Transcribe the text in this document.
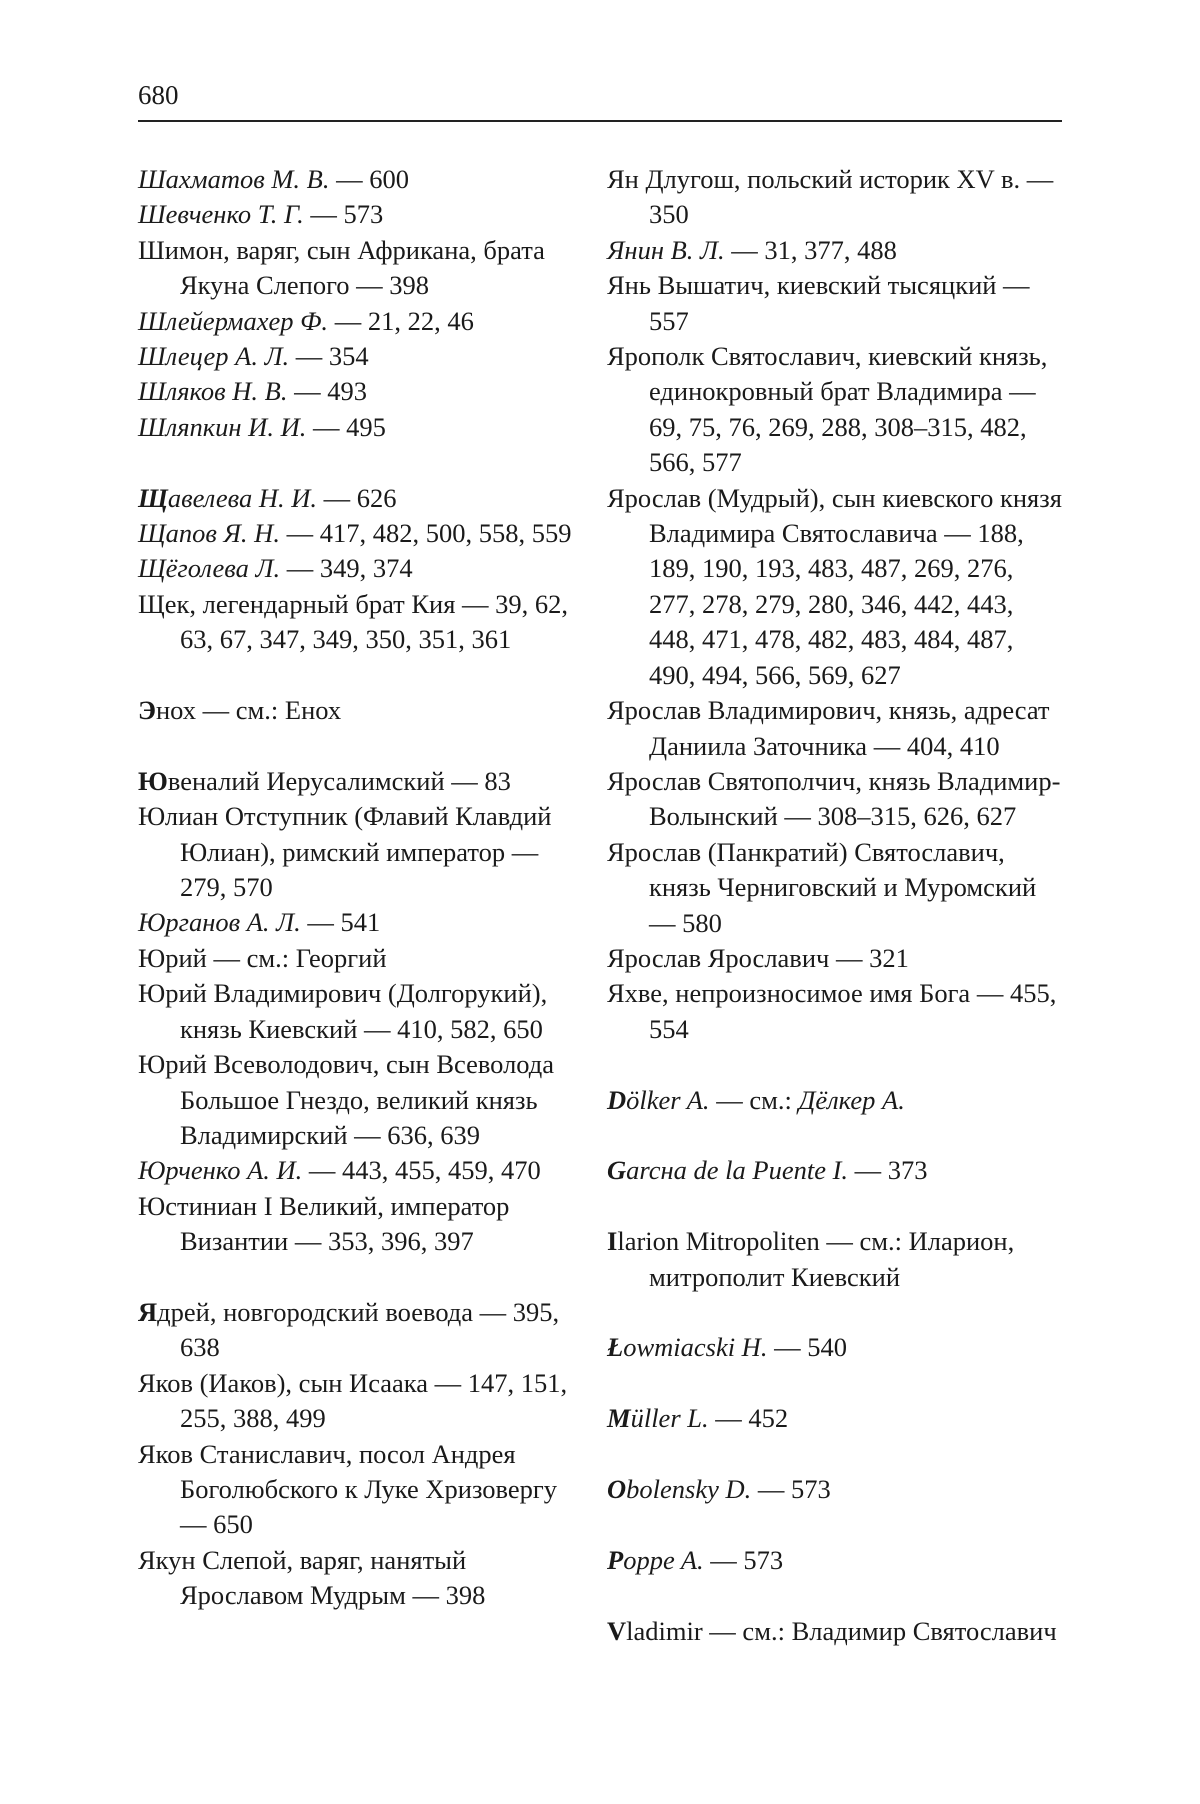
680

Шахматов М. В. — 600

Шевченко Т. Г. — 573

Шимон, варяг, сын Африкана, брата Якуна Слепого — 398

Шлейермахер Ф. — 21, 22, 46

Шлецер А. Л. — 354

Шляков Н. В. — 493

Шляпкин И. И. — 495

Щавелева Н. И. — 626

Щапов Я. Н. — 417, 482, 500, 558, 559

Щёголева Л. — 349, 374

Щек, легендарный брат Кия — 39, 62, 63, 67, 347, 349, 350, 351, 361

Энох — см.: Енох

Ювеналий Иерусалимский — 83

Юлиан Отступник (Флавий Клавдий Юлиан), римский император — 279, 570

Юрганов А. Л. — 541

Юрий — см.: Георгий

Юрий Владимирович (Долгорукий), князь Киевский — 410, 582, 650

Юрий Всеволодович, сын Всеволода Большое Гнездо, великий князь Владимирский — 636, 639

Юрченко А. И. — 443, 455, 459, 470

Юстиниан I Великий, император Византии — 353, 396, 397

Ядрей, новгородский воевода — 395, 638

Яков (Иаков), сын Исаака — 147, 151, 255, 388, 499

Яков Станиславич, посол Андрея Боголюбского к Луке Хризовергу — 650

Якун Слепой, варяг, нанятый Ярославом Мудрым — 398

Ян Длугош, польский историк XV в. — 350

Янин В. Л. — 31, 377, 488

Янь Вышатич, киевский тысяцкий — 557

Ярополк Святославич, киевский князь, единокровный брат Владимира — 69, 75, 76, 269, 288, 308–315, 482, 566, 577

Ярослав (Мудрый), сын киевского князя Владимира Святославича — 188, 189, 190, 193, 483, 487, 269, 276, 277, 278, 279, 280, 346, 442, 443, 448, 471, 478, 482, 483, 484, 487, 490, 494, 566, 569, 627

Ярослав Владимирович, князь, адресат Даниила Заточника — 404, 410

Ярослав Святополчич, князь Владимир-Волынский — 308–315, 626, 627

Ярослав (Панкратий) Святославич, князь Черниговский и Муромский — 580

Ярослав Ярославич — 321

Яхве, непроизносимое имя Бога — 455, 554

Dölker A. — см.: Дёлкер А.

Garcнa de la Puente I. — 373

Ilarion Mitropoliten — см.: Иларион, митрополит Киевский

Łowmiacski H. — 540

Müller L. — 452

Obolensky D. — 573

Poppe A. — 573

Vladimir — см.: Владимир Святославич
